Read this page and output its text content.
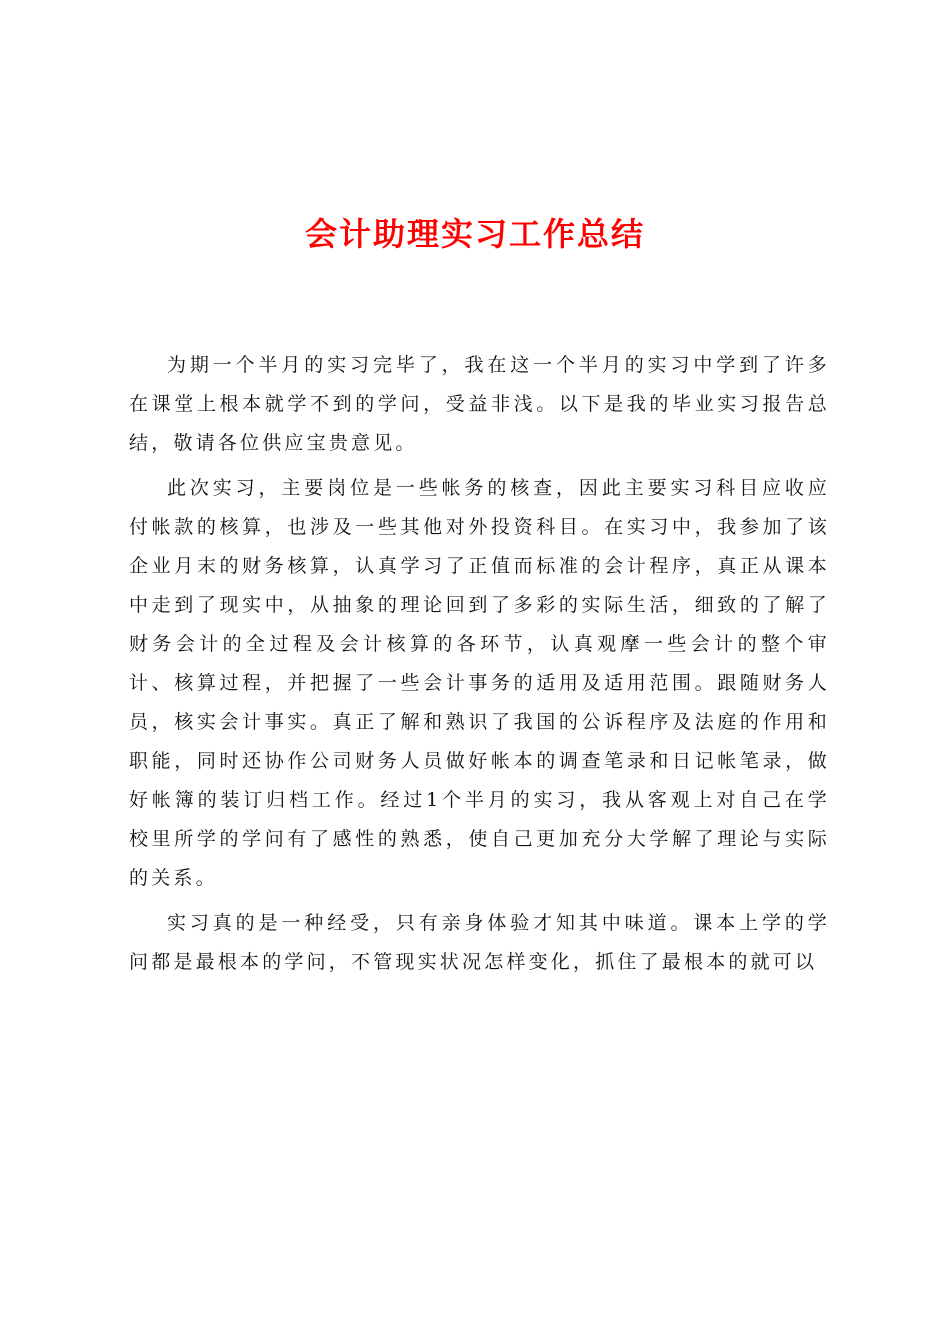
会计助理实习工作总结

为期一个半月的实习完毕了，我在这一个半月的实习中学到了许多在课堂上根本就学不到的学问，受益非浅。以下是我的毕业实习报告总结，敬请各位供应宝贵意见。

此次实习，主要岗位是一些帐务的核查，因此主要实习科目应收应付帐款的核算，也涉及一些其他对外投资科目。在实习中，我参加了该企业月末的财务核算，认真学习了正值而标准的会计程序，真正从课本中走到了现实中，从抽象的理论回到了多彩的实际生活，细致的了解了财务会计的全过程及会计核算的各环节，认真观摩一些会计的整个审计、核算过程，并把握了一些会计事务的适用及适用范围。跟随财务人员，核实会计事实。真正了解和熟识了我国的公诉程序及法庭的作用和职能，同时还协作公司财务人员做好帐本的调查笔录和日记帐笔录，做好帐簿的装订归档工作。经过1个半月的实习，我从客观上对自己在学校里所学的学问有了感性的熟悉，使自己更加充分大学解了理论与实际的关系。

实习真的是一种经受，只有亲身体验才知其中味道。课本上学的学问都是最根本的学问，不管现实状况怎样变化，抓住了最根本的就可以
